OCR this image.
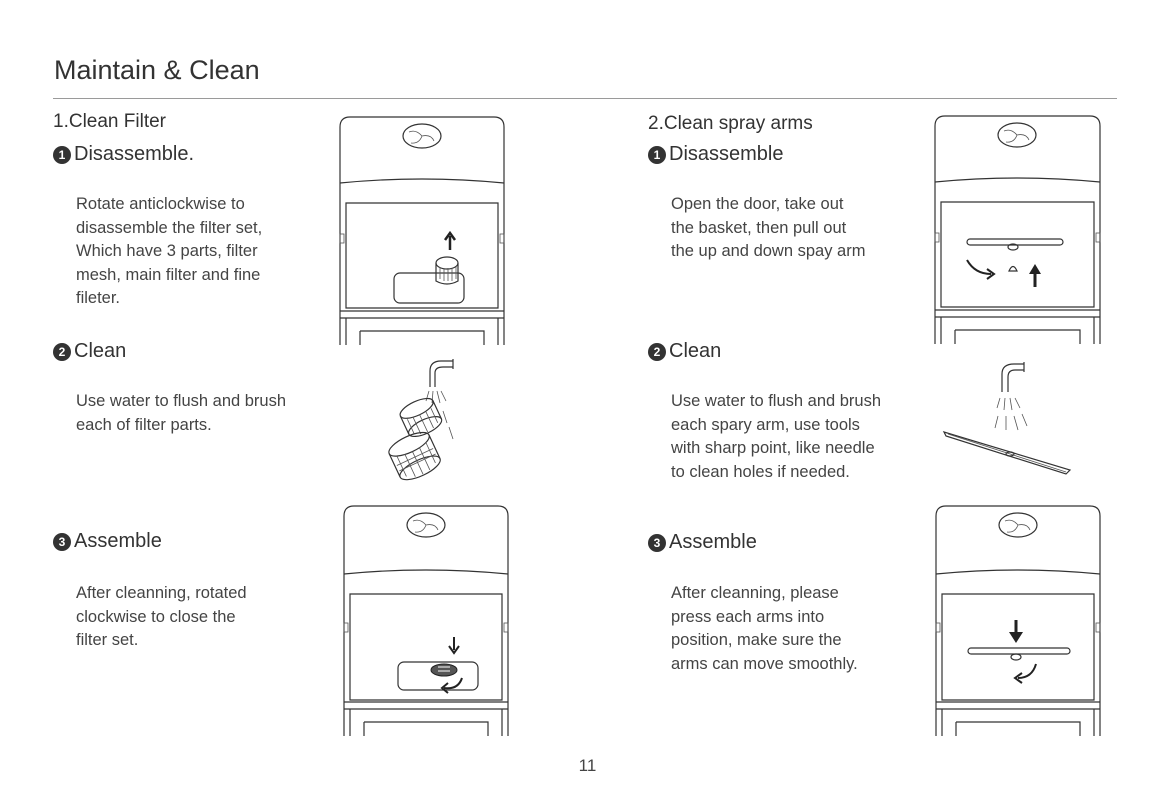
Maintain & Clean
1.Clean Filter
1 Disassemble.
Rotate anticlockwise to
disassemble the filter set,
Which have 3 parts, filter
mesh, main filter and fine
fileter.
2 Clean
Use water to flush and brush
each of filter parts.
3 Assemble
After cleanning, rotated
clockwise to close the
filter set.
2.Clean spray arms
1 Disassemble
Open the door, take out
the basket, then pull out
the up and down spay arm
2 Clean
Use water to flush and brush
each spary arm, use tools
with sharp point, like needle
to clean holes if needed.
3 Assemble
After cleanning, please
press each arms into
position, make sure the
arms can move smoothly.
11
